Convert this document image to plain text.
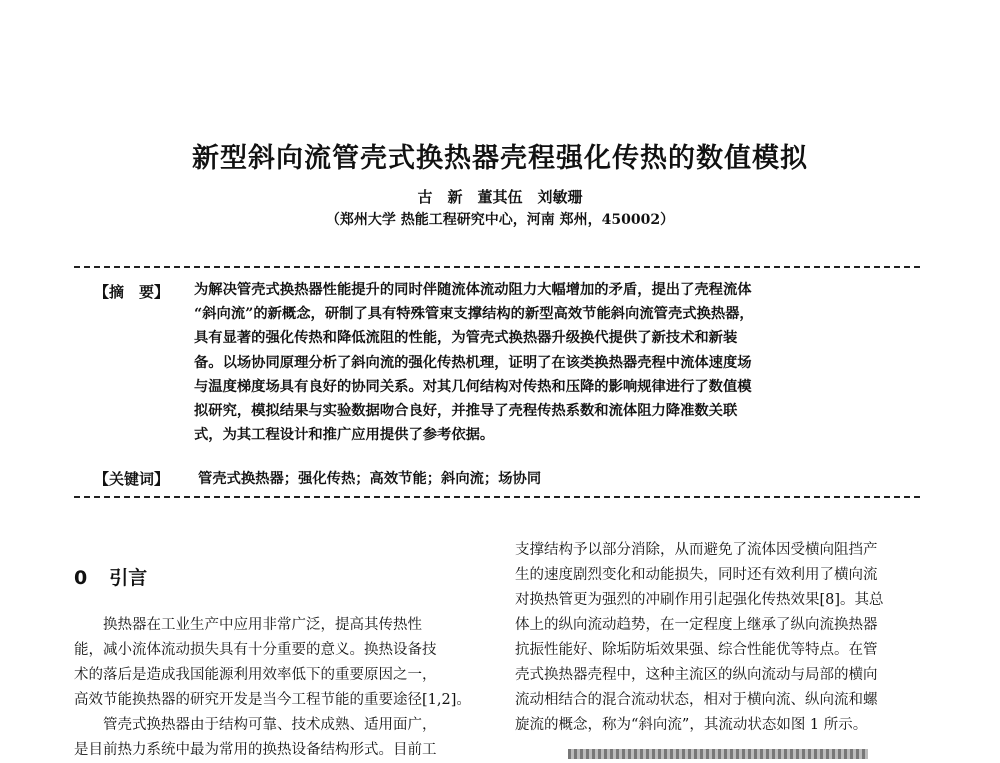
新型斜向流管壳式换热器壳程强化传热的数值模拟
古　新　董其伍　刘敏珊
（郑州大学 热能工程研究中心，河南 郑州，450002）
【摘　要】 为解决管壳式换热器性能提升的同时伴随流体流动阻力大幅增加的矛盾，提出了壳程流体
“斜向流”的新概念，研制了具有特殊管束支撑结构的新型高效节能斜向流管壳式换热器，
具有显著的强化传热和降低流阻的性能，为管壳式换热器升级换代提供了新技术和新装
备。以场协同原理分析了斜向流的强化传热机理，证明了在该类换热器壳程中流体速度场
与温度梯度场具有良好的协同关系。对其几何结构对传热和压降的影响规律进行了数值模
拟研究，模拟结果与实验数据吻合良好，并推导了壳程传热系数和流体阻力降准数关联
式，为其工程设计和推广应用提供了参考依据。
【关键词】 管壳式换热器；强化传热；高效节能；斜向流；场协同
0 引言
　　换热器在工业生产中应用非常广泛，提高其传热性
能，减小流体流动损失具有十分重要的意义。换热设备技
术的落后是造成我国能源利用效率低下的重要原因之一，
高效节能换热器的研究开发是当今工程节能的重要途径[1,2]。
　　管壳式换热器由于结构可靠、技术成熟、适用面广，
是目前热力系统中最为常用的换热设备结构形式。目前工
支撑结构予以部分消除，从而避免了流体因受横向阻挡产
生的速度剧烈变化和动能损失，同时还有效利用了横向流
对换热管更为强烈的冲刷作用引起强化传热效果[8]。其总
体上的纵向流动趋势，在一定程度上继承了纵向流换热器
抗振性能好、除垢防垢效果强、综合性能优等特点。在管
壳式换热器壳程中，这种主流区的纵向流动与局部的横向
流动相结合的混合流动状态，相对于横向流、纵向流和螺
旋流的概念，称为“斜向流”，其流动状态如图 1 所示。
